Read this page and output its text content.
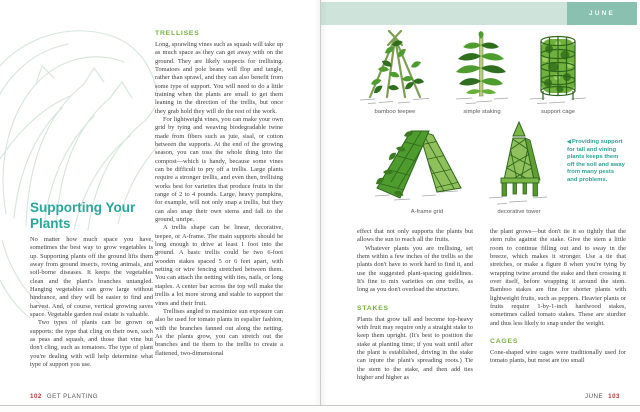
Supporting Your Plants

No matter how much space you have, sometimes the best way to grow vegetables is up. Supporting plants off the ground lifts them away from ground insects, roving animals, and soil-borne diseases. It keeps the vegetables clean and the plant's branches untangled. Hanging vegetables can grow large without hindrance, and they will be easier to find and harvest. And, of course, vertical growing saves space. Vegetable garden real estate is valuable.

Two types of plants can be grown on supports: the type that cling on their own, such as peas and squash, and those that vine but don't cling, such as tomatoes. The type of plant you're dealing with will help determine what type of support you use.

TRELLISES

Long, sprawling vines such as squash will take up as much space as they can get away with on the ground. They are likely suspects for trellising. Tomatoes and pole beans will flop and tangle, rather than sprawl, and they can also benefit from some type of support. You will need to do a little training when the plants are small to get them leaning in the direction of the trellis, but once they grab hold they will do the rest of the work.

For lightweight vines, you can make your own grid by tying and weaving biodegradable twine made from fibers such as jute, sisal, or cotton between the supports. At the end of the growing season, you can toss the whole thing into the compost—which is handy, because some vines can be difficult to pry off a trellis. Large plants require a stronger trellis, and even then, trellising works best for varieties that produce fruits in the range of 2 to 4 pounds. Large, heavy pumpkins, for example, will not only snap a trellis, but they can also snap their own stems and fall to the ground, unripe.

A trellis shape can be linear, decorative, teepee, or A-frame. The main supports should be long enough to drive at least 1 foot into the ground. A basic trellis could be two 6-foot wooden stakes spaced 5 or 6 feet apart, with netting or wire fencing stretched between them. You can attach the netting with ties, nails, or long staples. A center bar across the top will make the trellis a lot more strong and stable to support the vines and their fruit.

Trellises angled to maximize sun exposure can also be used for tomato plants in espalier fashion, with the branches fanned out along the netting. As the plants grow, you can stretch out the branches and tie them to the trellis to create a flattened, two-dimensional

102 GET PLANTING
JUNE
bamboo teepee	simple staking	support cage
A-frame grid	decorative tower
◀Providing support for tall and vining plants keeps them off the soil and away from many pests and problems.

effect that not only supports the plants but allows the sun to reach all the fruits.

Whatever plants you are trellising, set them within a few inches of the trellis so the plants don't have to work hard to find it, and use the suggested plant-spacing guidelines. It's fine to mix varieties on one trellis, as long as you don't overload the structure.

STAKES

Plants that grow tall and become top-heavy with fruit may require only a straight stake to keep them upright. (It's best to position the stake at planting time; if you wait until after the plant is established, driving in the stake can injure the plant's spreading roots.) Tie the stem to the stake, and then add ties higher and higher as

the plant grows—but don't tie it so tightly that the stem rubs against the stake. Give the stem a little room to continue filling out and to sway in the breeze, which makes it stronger. Use a tie that stretches, or make a figure 8 when you're tying by wrapping twine around the stake and then crossing it over itself, before wrapping it around the stem. Bamboo stakes are fine for shorter plants with lightweight fruits, such as peppers. Heavier plants or fruits require 1-by-1-inch hardwood stakes, sometimes called tomato stakes. These are sturdier and thus less likely to snap under the weight.

CAGES

Cone-shaped wire cages were traditionally used for tomato plants, but most are too small

JUNE 103
